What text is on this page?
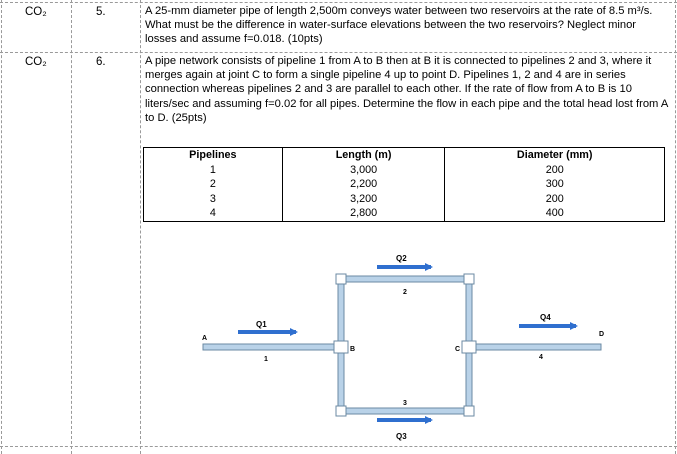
CO₂	5.	A 25-mm diameter pipe of length 2,500m conveys water between two reservoirs at the rate of 8.5 m³/s. What must be the difference in water-surface elevations between the two reservoirs? Neglect minor losses and assume f=0.018. (10pts)
CO₂	6.	A pipe network consists of pipeline 1 from A to B then at B it is connected to pipelines 2 and 3, where it merges again at joint C to form a single pipeline 4 up to point D. Pipelines 1, 2 and 4 are in series connection whereas pipelines 2 and 3 are parallel to each other. If the rate of flow from A to B is 10 liters/sec and assuming f=0.02 for all pipes. Determine the flow in each pipe and the total head lost from A to D. (25pts)
Pipelines	Length (m)	Diameter (mm)
1	3,000	200
2	2,200	300
3	3,200	200
4	2,800	400
Q1
Q2
Q3
Q4
1
2
3
4
A
B	C
D
